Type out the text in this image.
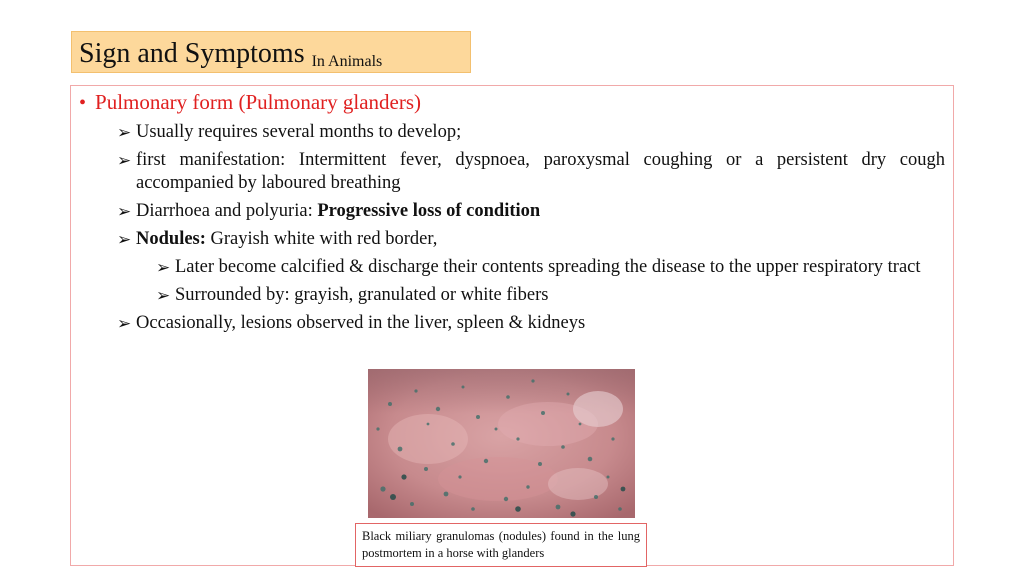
Sign and Symptoms In Animals
• Pulmonary form (Pulmonary glanders)
➢ Usually requires several months to develop;
➢ first manifestation: Intermittent fever, dyspnoea, paroxysmal coughing or a persistent dry cough accompanied by laboured breathing
➢ Diarrhoea and polyuria: Progressive loss of condition
➢ Nodules: Grayish white with red border,
➢ Later become calcified & discharge their contents spreading the disease to the upper respiratory tract
➢ Surrounded by: grayish, granulated or white fibers
➢ Occasionally, lesions observed in the liver, spleen & kidneys
Black miliary granulomas (nodules) found in the lung postmortem in a horse with glanders
